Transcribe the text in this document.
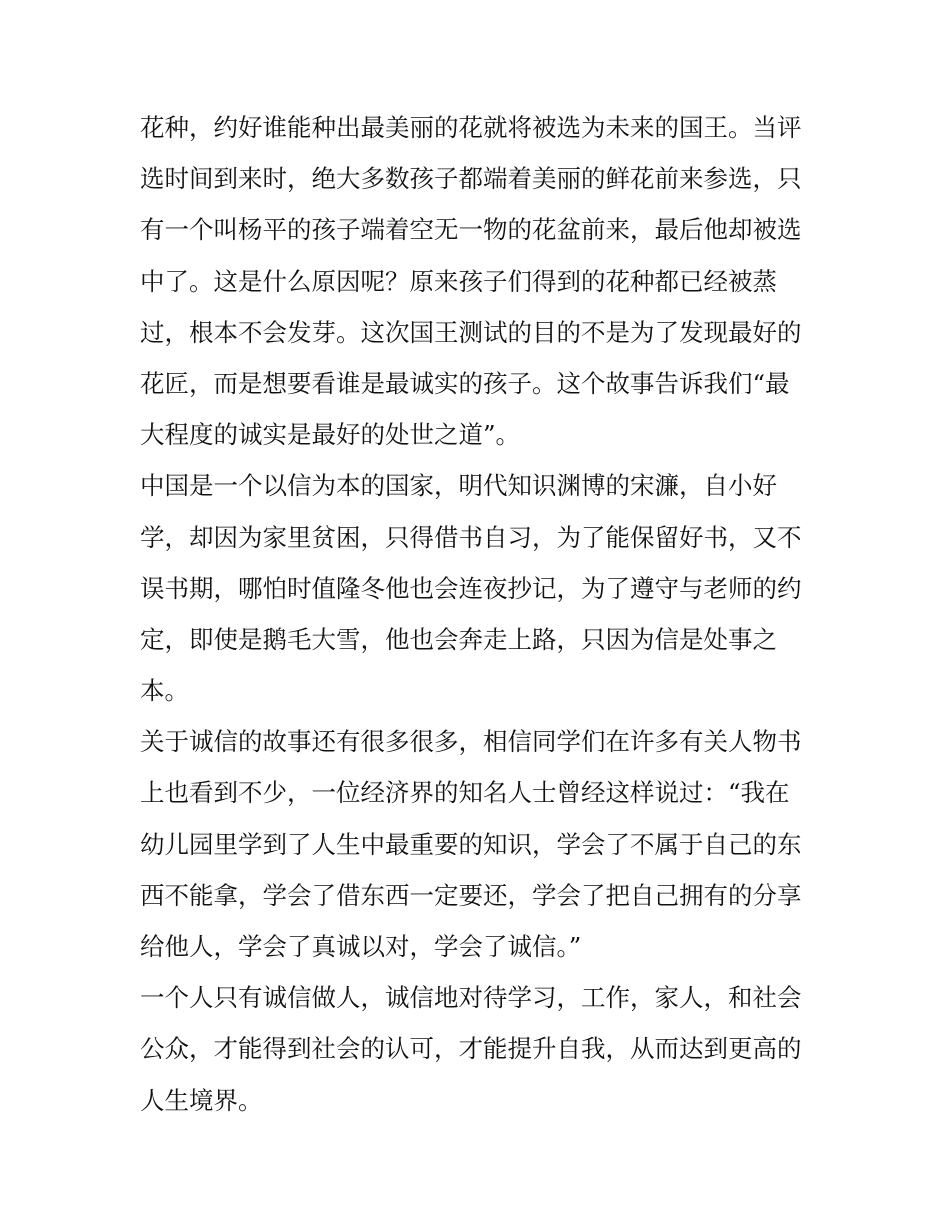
花种，约好谁能种出最美丽的花就将被选为未来的国王。当评
选时间到来时，绝大多数孩子都端着美丽的鲜花前来参选，只
有一个叫杨平的孩子端着空无一物的花盆前来，最后他却被选
中了。这是什么原因呢？原来孩子们得到的花种都已经被蒸
过，根本不会发芽。这次国王测试的目的不是为了发现最好的
花匠，而是想要看谁是最诚实的孩子。这个故事告诉我们“最
大程度的诚实是最好的处世之道”。
中国是一个以信为本的国家，明代知识渊博的宋濂，自小好
学，却因为家里贫困，只得借书自习，为了能保留好书，又不
误书期，哪怕时值隆冬他也会连夜抄记，为了遵守与老师的约
定，即使是鹅毛大雪，他也会奔走上路，只因为信是处事之
本。
关于诚信的故事还有很多很多，相信同学们在许多有关人物书
上也看到不少，一位经济界的知名人士曾经这样说过：“我在
幼儿园里学到了人生中最重要的知识，学会了不属于自己的东
西不能拿，学会了借东西一定要还，学会了把自己拥有的分享
给他人，学会了真诚以对，学会了诚信。”
一个人只有诚信做人，诚信地对待学习，工作，家人，和社会
公众，才能得到社会的认可，才能提升自我，从而达到更高的
人生境界。
